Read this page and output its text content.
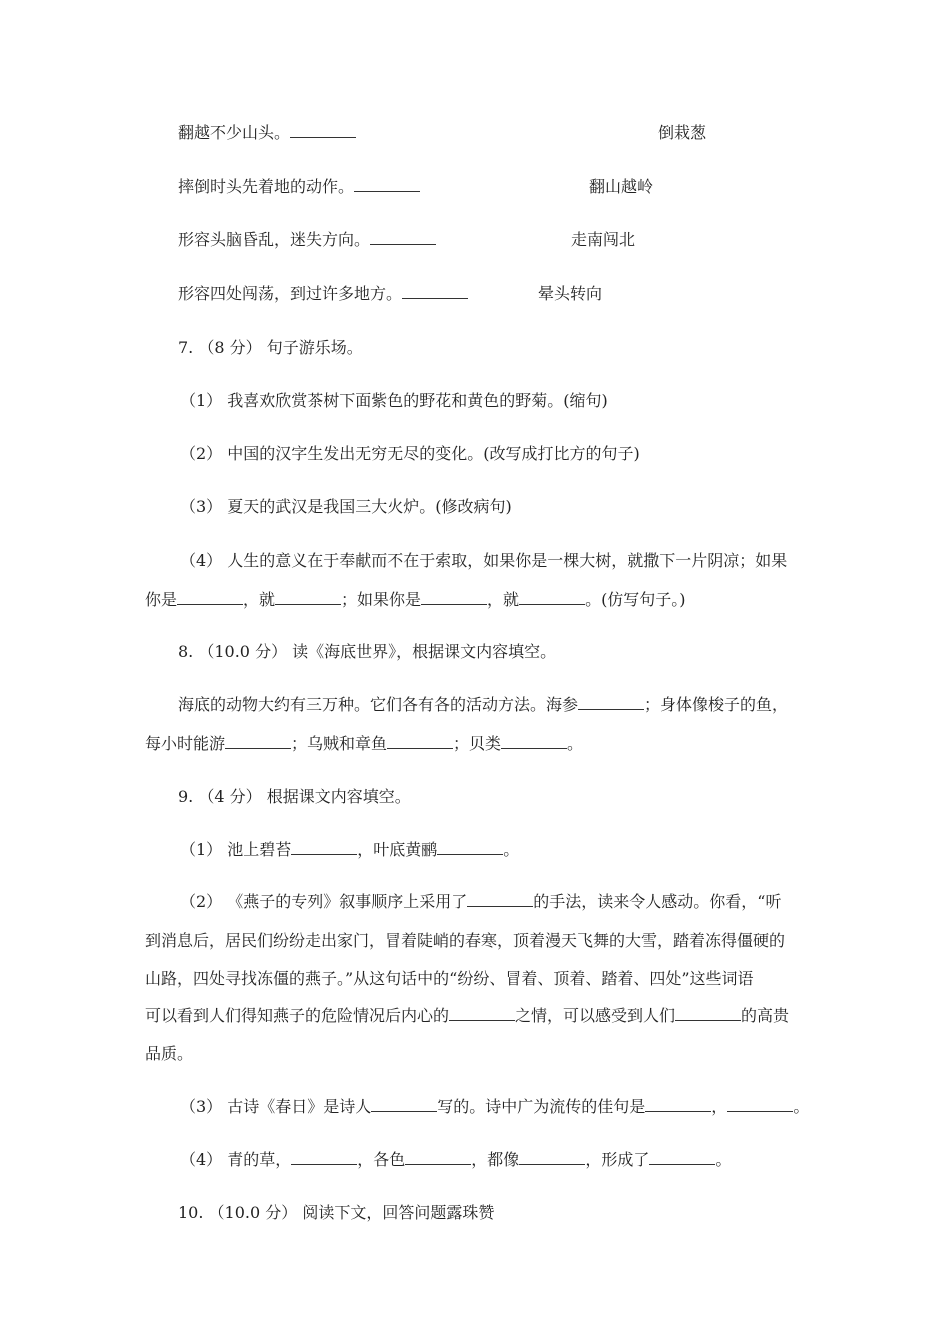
翻越不少山头。	倒栽葱
摔倒时头先着地的动作。	翻山越岭
形容头脑昏乱，迷失方向。	走南闯北
形容四处闯荡，到过许多地方。	晕头转向
7. （8 分） 句子游乐场。
（1） 我喜欢欣赏茶树下面紫色的野花和黄色的野菊。(缩句)
（2） 中国的汉字生发出无穷无尽的变化。(改写成打比方的句子)
（3） 夏天的武汉是我国三大火炉。(修改病句)
（4） 人生的意义在于奉献而不在于索取，如果你是一棵大树，就撒下一片阴凉；如果
你是	，就	；如果你是	，就	。(仿写句子。)
8. （10.0 分） 读《海底世界》，根据课文内容填空。
海底的动物大约有三万种。它们各有各的活动方法。海参	；身体像梭子的鱼，
每小时能游	；乌贼和章鱼	；贝类	。
9. （4 分） 根据课文内容填空。
（1） 池上碧苔	，叶底黄鹂	。
（2） 《燕子的专列》叙事顺序上采用了	的手法，读来令人感动。你看，“听
到消息后，居民们纷纷走出家门，冒着陡峭的春寒，顶着漫天飞舞的大雪，踏着冻得僵硬的
山路，四处寻找冻僵的燕子。”从这句话中的“纷纷、冒着、顶着、踏着、四处”这些词语
可以看到人们得知燕子的危险情况后内心的	之情，可以感受到人们	的高贵
品质。
（3） 古诗《春日》是诗人	写的。诗中广为流传的佳句是	，	。
（4） 青的草，	，各色	，都像	，形成了	。
10. （10.0 分） 阅读下文，回答问题露珠赞
